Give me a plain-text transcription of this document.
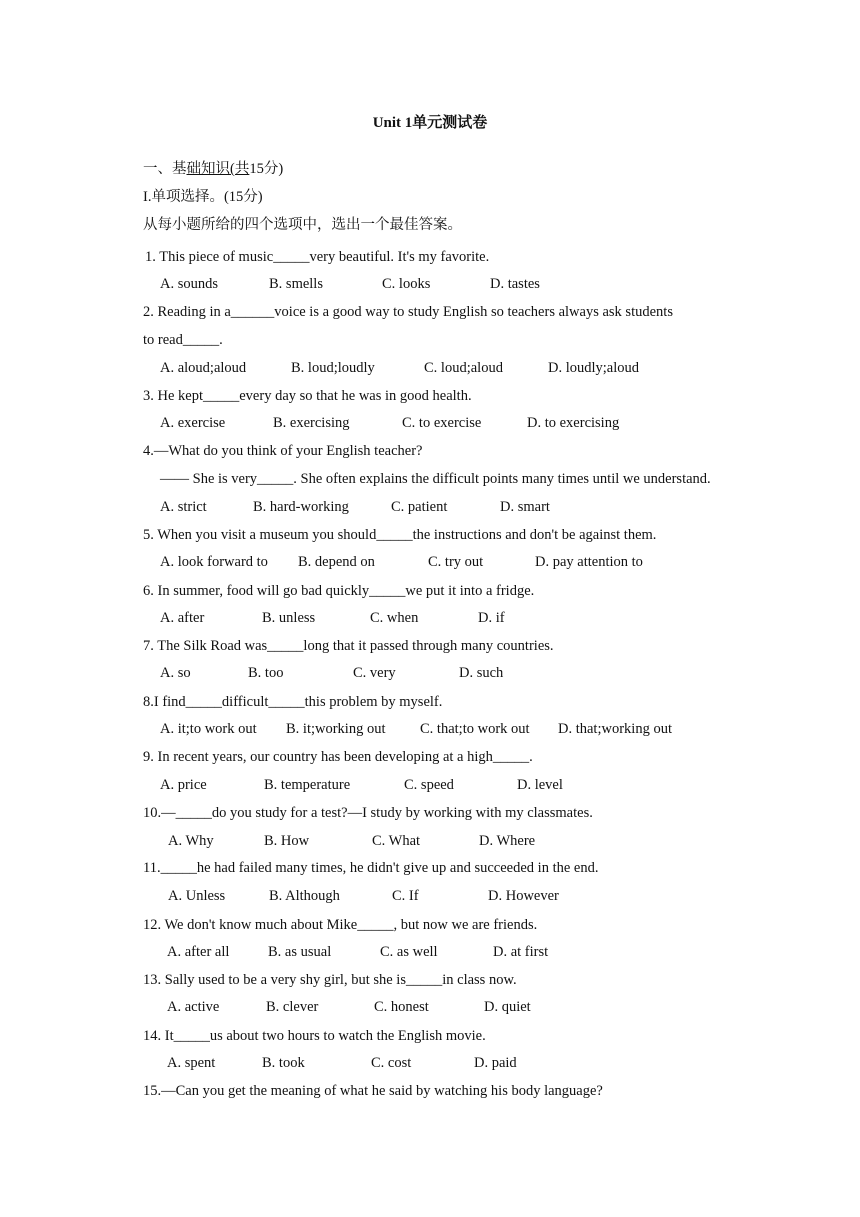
Unit 1单元测试卷
一、基础知识(共15分)
I.单项选择。(15分)
从每小题所给的四个选项中，选出一个最佳答案。
1. This piece of music_____very beautiful. It's my favorite.
A. sounds	B. smells	C. looks	D. tastes
2. Reading in a______voice is a good way to study English so teachers always ask students
to read_____.
A. aloud;aloud	B. loud;loudly	C. loud;aloud	D. loudly;aloud
3. He kept_____every day so that he was in good health.
A. exercise	B. exercising	C. to exercise	D. to exercising
4.—What do you think of your English teacher?
—— She is very_____. She often explains the difficult points many times until we understand.
A. strict	B. hard-working	C. patient	D. smart
5. When you visit a museum you should_____the instructions and don't be against them.
A. look forward to B. depend on	C. try out	D. pay attention to
6. In summer, food will go bad quickly_____we put it into a fridge.
A. after	B. unless	C. when	D. if
7. The Silk Road was_____long that it passed through many countries.
A. so	B. too	C. very	D. such
8.I find_____difficult_____this problem by myself.
A. it;to work out B. it;working out C. that;to work out D. that;working out
9. In recent years, our country has been developing at a high_____.
A. price	B. temperature	C. speed	D. level
10.—_____do you study for a test?—I study by working with my classmates.
A. Why	B. How	C. What	D. Where
11._____he had failed many times, he didn't give up and succeeded in the end.
A. Unless	B. Although	C. If	D. However
12. We don't know much about Mike_____, but now we are friends.
A. after all	B. as usual	C. as well	D. at first
13. Sally used to be a very shy girl, but she is_____in class now.
A. active	B. clever	C. honest	D. quiet
14. It_____us about two hours to watch the English movie.
A. spent	B. took	C. cost	D. paid
15.—Can you get the meaning of what he said by watching his body language?
